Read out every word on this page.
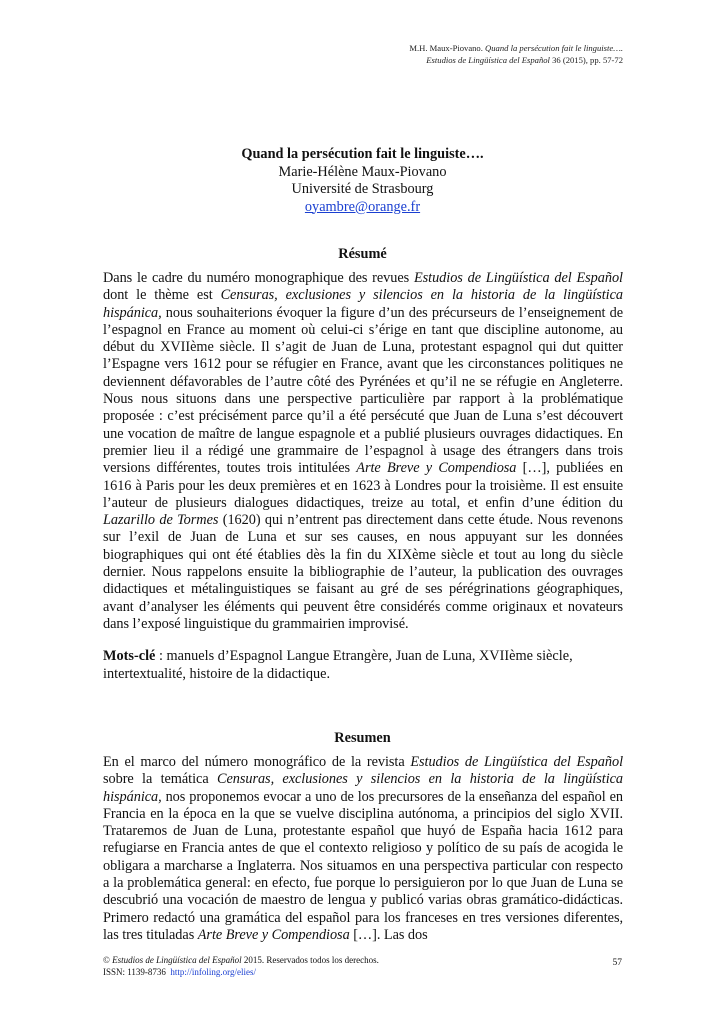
M.H. Maux-Piovano. Quand la persécution fait le linguiste….
Estudios de Lingüística del Español 36 (2015), pp. 57-72
Quand la persécution fait le linguiste….
Marie-Hélène Maux-Piovano
Université de Strasbourg
oyambre@orange.fr
Résumé
Dans le cadre du numéro monographique des revues Estudios de Lingüística del Español dont le thème est Censuras, exclusiones y silencios en la historia de la lingüística hispánica, nous souhaiterions évoquer la figure d’un des précurseurs de l’enseignement de l’espagnol en France au moment où celui-ci s’érige en tant que discipline autonome, au début du XVIIème siècle. Il s’agit de Juan de Luna, protestant espagnol qui dut quitter l’Espagne vers 1612 pour se réfugier en France, avant que les circonstances politiques ne deviennent défavorables de l’autre côté des Pyrénées et qu’il ne se réfugie en Angleterre. Nous nous situons dans une perspective particulière par rapport à la problématique proposée : c’est précisément parce qu’il a été persécuté que Juan de Luna s’est découvert une vocation de maître de langue espagnole et a publié plusieurs ouvrages didactiques. En premier lieu il a rédigé une grammaire de l’espagnol à usage des étrangers dans trois versions différentes, toutes trois intitulées Arte Breve y Compendiosa […], publiées en 1616 à Paris pour les deux premières et en 1623 à Londres pour la troisième. Il est ensuite l’auteur de plusieurs dialogues didactiques, treize au total, et enfin d’une édition du Lazarillo de Tormes (1620) qui n’entrent pas directement dans cette étude. Nous revenons sur l’exil de Juan de Luna et sur ses causes, en nous appuyant sur les données biographiques qui ont été établies dès la fin du XIXème siècle et tout au long du siècle dernier. Nous rappelons ensuite la bibliographie de l’auteur, la publication des ouvrages didactiques et métalinguistiques se faisant au gré de ses pérégrinations géographiques, avant d’analyser les éléments qui peuvent être considérés comme originaux et novateurs dans l’exposé linguistique du grammairien improvisé.
Mots-clé : manuels d’Espagnol Langue Etrangère, Juan de Luna, XVIIème siècle, intertextualité, histoire de la didactique.
Resumen
En el marco del número monográfico de la revista Estudios de Lingüística del Español sobre la temática Censuras, exclusiones y silencios en la historia de la lingüística hispánica, nos proponemos evocar a uno de los precursores de la enseñanza del español en Francia en la época en la que se vuelve disciplina autónoma, a principios del siglo XVII. Trataremos de Juan de Luna, protestante español que huyó de España hacia 1612 para refugiarse en Francia antes de que el contexto religioso y político de su país de acogida le obligara a marcharse a Inglaterra. Nos situamos en una perspectiva particular con respecto a la problemática general: en efecto, fue porque lo persiguieron por lo que Juan de Luna se descubrió una vocación de maestro de lengua y publicó varias obras gramático-didácticas. Primero redactó una gramática del español para los franceses en tres versiones diferentes, las tres tituladas Arte Breve y Compendiosa […]. Las dos
© Estudios de Lingüística del Español 2015. Reservados todos los derechos.
ISSN: 1139-8736 http://infoling.org/elies/
57
